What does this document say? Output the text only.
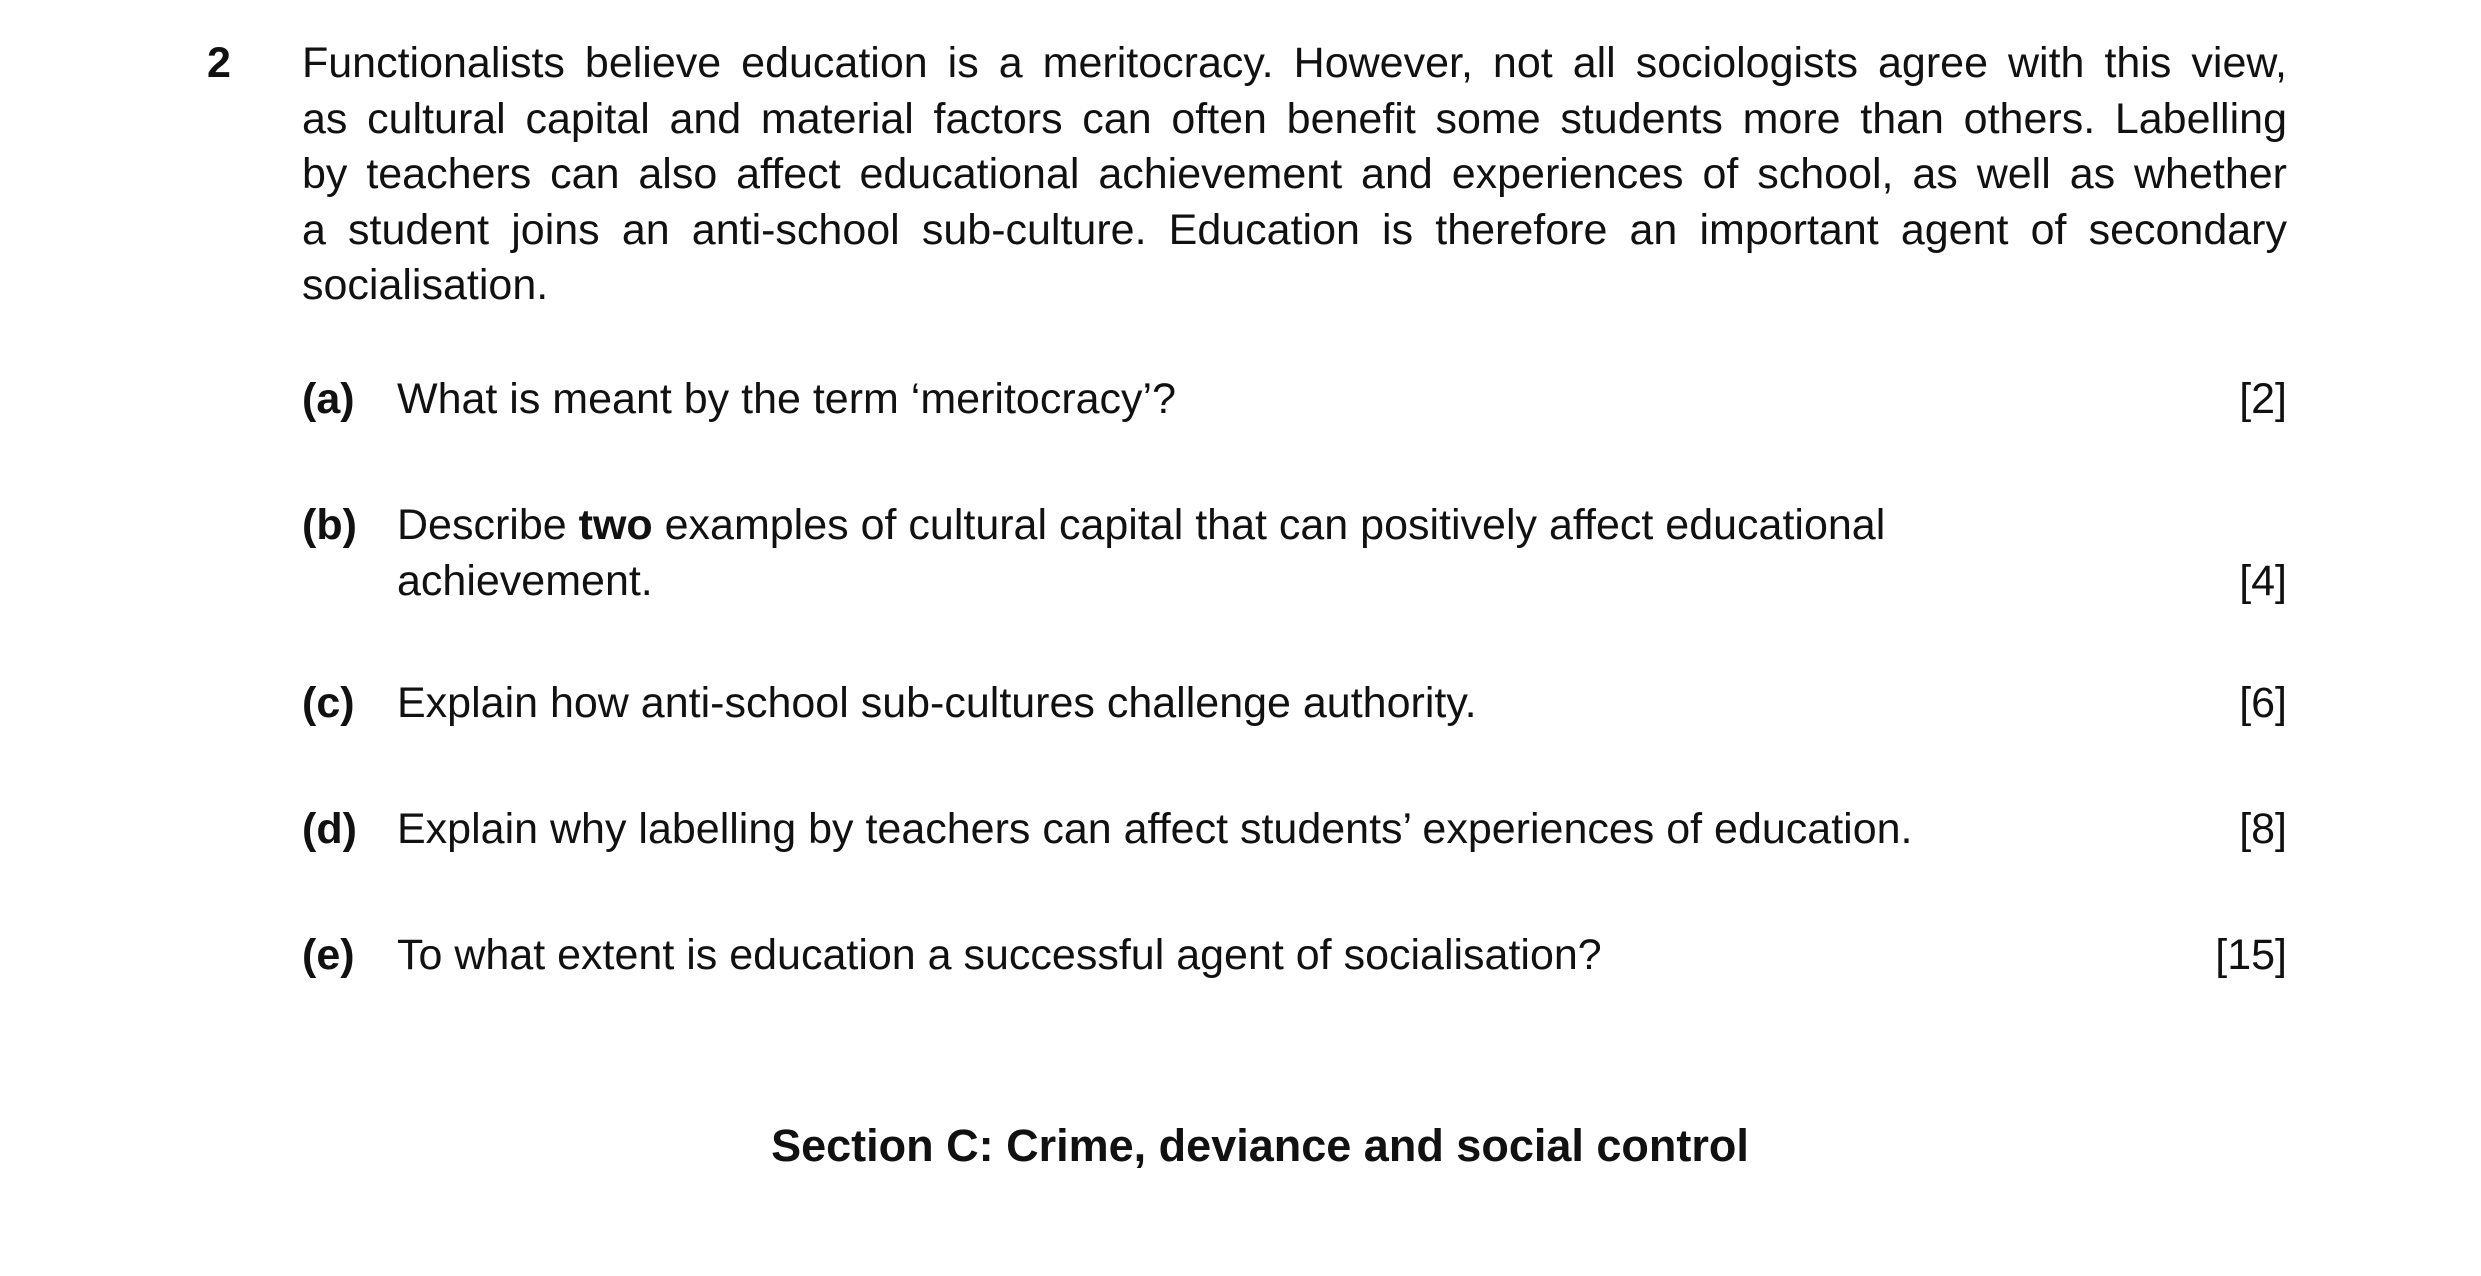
2 Functionalists believe education is a meritocracy. However, not all sociologists agree with this view,
as cultural capital and material factors can often benefit some students more than others. Labelling
by teachers can also affect educational achievement and experiences of school, as well as whether
a student joins an anti-school sub-culture. Education is therefore an important agent of secondary
socialisation.
(a) What is meant by the term ‘meritocracy’?	[2]
(b) Describe two examples of cultural capital that can positively affect educational
achievement.	[4]
(c) Explain how anti-school sub-cultures challenge authority.	[6]
(d) Explain why labelling by teachers can affect students’ experiences of education.	[8]
(e) To what extent is education a successful agent of socialisation?	[15]
Section C: Crime, deviance and social control
